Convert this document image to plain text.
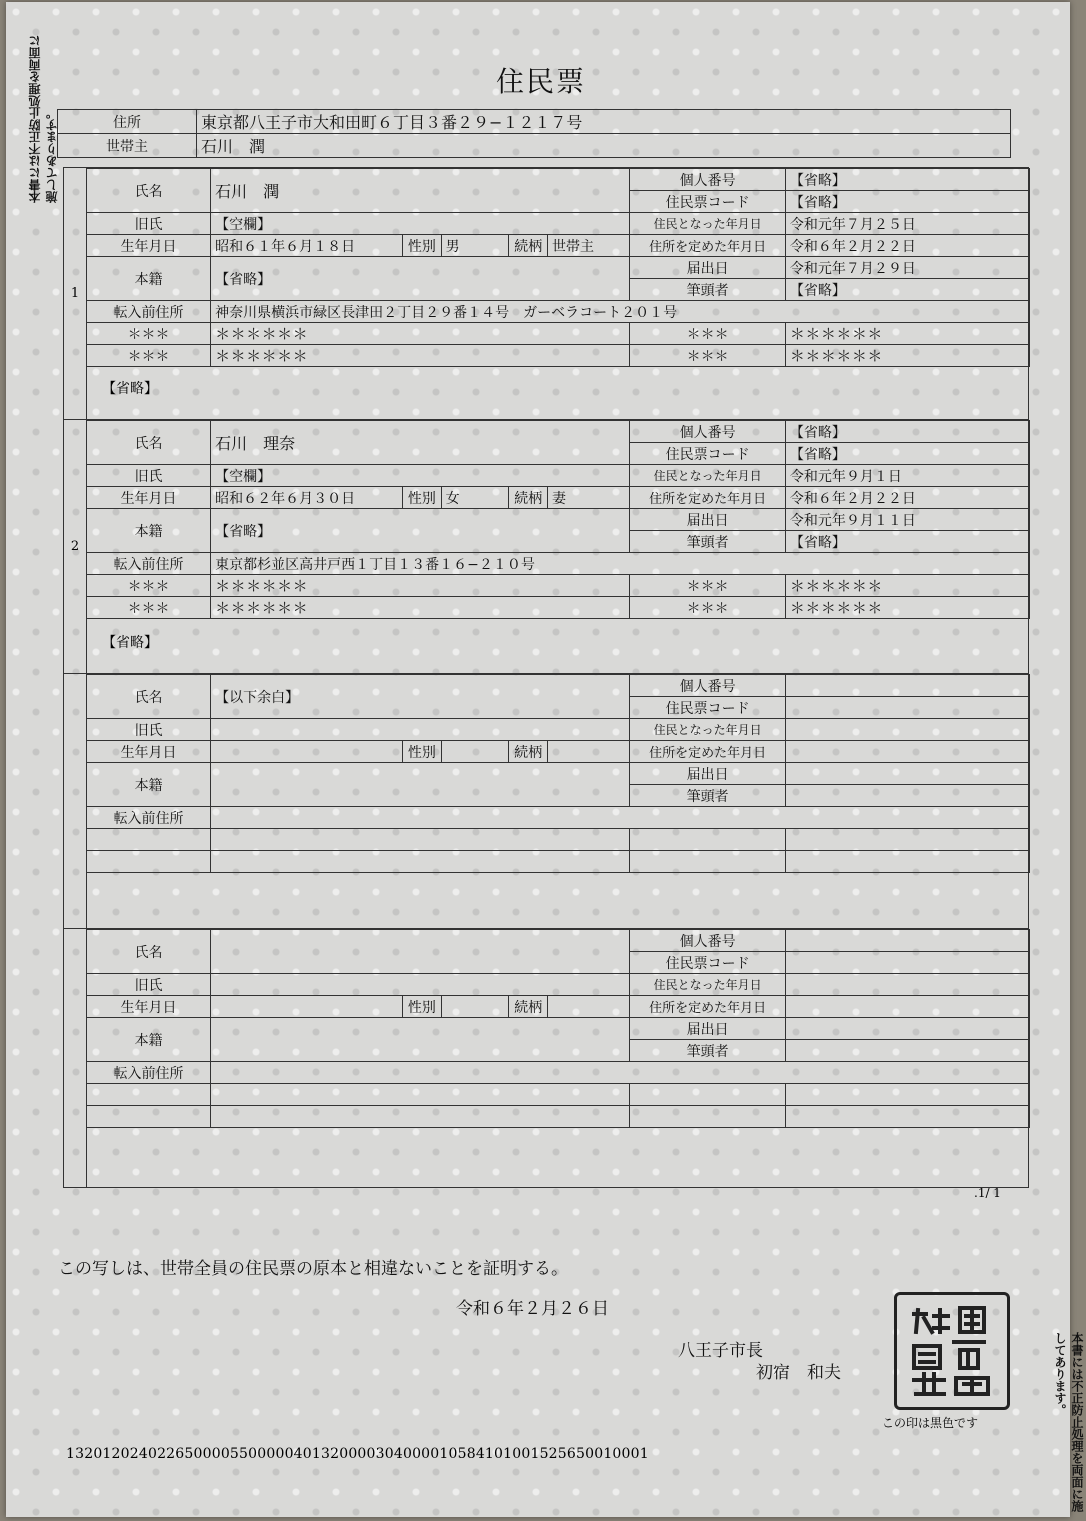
住民票
本書には不正防止処理を両面に施してあります。
本書には不正防止処理を両面に施してあります。
住所	東京都八王子市大和田町６丁目３番２９−１２１７号
世帯主	石川　潤
1
氏名	石川　潤					個人番号	【省略】
						住民票コード	【省略】
旧氏	【空欄】					住民となった年月日	令和元年７月２５日
生年月日	昭和６１年６月１８日	性別	男	続柄	世帯主	住所を定めた年月日	令和６年２月２２日
本籍	【省略】					届出日	令和元年７月２９日
						筆頭者	【省略】
転入前住所	神奈川県横浜市緑区長津田２丁目２９番１４号　ガーベラコート２０１号						
＊＊＊	＊＊＊＊＊＊					＊＊＊	＊＊＊＊＊＊
＊＊＊	＊＊＊＊＊＊					＊＊＊	＊＊＊＊＊＊
【省略】
2
氏名	石川　理奈					個人番号	【省略】
						住民票コード	【省略】
旧氏	【空欄】					住民となった年月日	令和元年９月１日
生年月日	昭和６２年６月３０日	性別	女	続柄	妻	住所を定めた年月日	令和６年２月２２日
本籍	【省略】					届出日	令和元年９月１１日
						筆頭者	【省略】
転入前住所	東京都杉並区高井戸西１丁目１３番１６−２１０号						
＊＊＊	＊＊＊＊＊＊					＊＊＊	＊＊＊＊＊＊
＊＊＊	＊＊＊＊＊＊					＊＊＊	＊＊＊＊＊＊
【省略】
氏名	【以下余白】					個人番号	
						住民票コード	
旧氏						住民となった年月日	
生年月日		性別		続柄		住所を定めた年月日	
本籍						届出日	
						筆頭者	
転入前住所							

氏名						個人番号	
						住民票コード	
旧氏						住民となった年月日	
生年月日		性別		続柄		住所を定めた年月日	
本籍						届出日	
						筆頭者	
転入前住所							

.1/ 1
この写しは、世帯全員の住民票の原本と相違ないことを証明する。
令和６年２月２６日
八王子市長
初宿　和夫
この印は黒色です
1320120240226500005500000401320000304000010584101001525650010001
